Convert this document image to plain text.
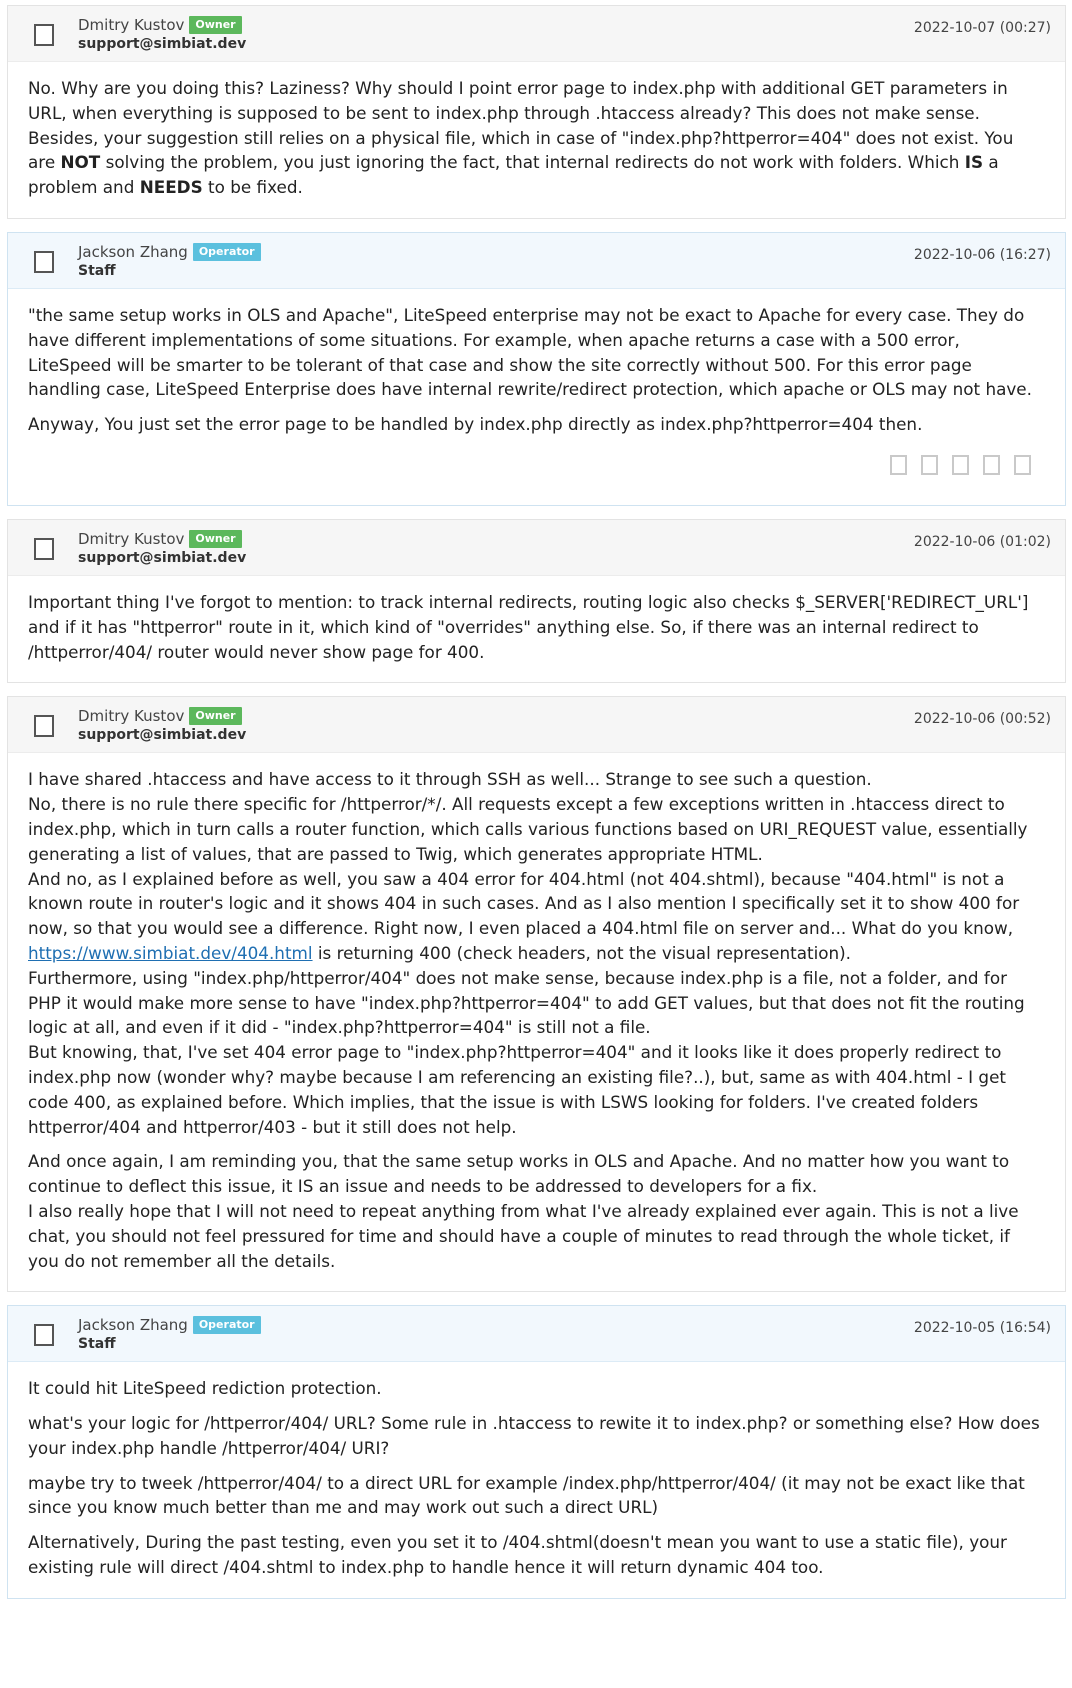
Dmitry Kustov	Owner
support@simbiat.dev
2022-10-07 (00:27)

No. Why are you doing this? Laziness? Why should I point error page to index.php with additional GET parameters in URL, when everything is supposed to be sent to index.php through .htaccess already? This does not make sense. Besides, your suggestion still relies on a physical file, which in case of "index.php?httperror=404" does not exist. You are NOT solving the problem, you just ignoring the fact, that internal redirects do not work with folders. Which IS a problem and NEEDS to be fixed.

Jackson Zhang	Operator
Staff
2022-10-06 (16:27)

"the same setup works in OLS and Apache", LiteSpeed enterprise may not be exact to Apache for every case. They do have different implementations of some situations. For example, when apache returns a case with a 500 error, LiteSpeed will be smarter to be tolerant of that case and show the site correctly without 500. For this error page handling case, LiteSpeed Enterprise does have internal rewrite/redirect protection, which apache or OLS may not have.

Anyway, You just set the error page to be handled by index.php directly as index.php?httperror=404 then.

Dmitry Kustov	Owner
support@simbiat.dev
2022-10-06 (01:02)

Important thing I've forgot to mention: to track internal redirects, routing logic also checks $_SERVER['REDIRECT_URL'] and if it has "httperror" route in it, which kind of "overrides" anything else. So, if there was an internal redirect to /httperror/404/ router would never show page for 400.

Dmitry Kustov	Owner
support@simbiat.dev
2022-10-06 (00:52)

I have shared .htaccess and have access to it through SSH as well... Strange to see such a question.
No, there is no rule there specific for /httperror/*/. All requests except a few exceptions written in .htaccess direct to index.php, which in turn calls a router function, which calls various functions based on URI_REQUEST value, essentially generating a list of values, that are passed to Twig, which generates appropriate HTML.
And no, as I explained before as well, you saw a 404 error for 404.html (not 404.shtml), because "404.html" is not a known route in router's logic and it shows 404 in such cases. And as I also mention I specifically set it to show 400 for now, so that you would see a difference. Right now, I even placed a 404.html file on server and... What do you know, https://www.simbiat.dev/404.html is returning 400 (check headers, not the visual representation).
Furthermore, using "index.php/httperror/404" does not make sense, because index.php is a file, not a folder, and for PHP it would make more sense to have "index.php?httperror=404" to add GET values, but that does not fit the routing logic at all, and even if it did - "index.php?httperror=404" is still not a file.
But knowing, that, I've set 404 error page to "index.php?httperror=404" and it looks like it does properly redirect to index.php now (wonder why? maybe because I am referencing an existing file?..), but, same as with 404.html - I get code 400, as explained before. Which implies, that the issue is with LSWS looking for folders. I've created folders httperror/404 and httperror/403 - but it still does not help.

And once again, I am reminding you, that the same setup works in OLS and Apache. And no matter how you want to continue to deflect this issue, it IS an issue and needs to be addressed to developers for a fix.
I also really hope that I will not need to repeat anything from what I've already explained ever again. This is not a live chat, you should not feel pressured for time and should have a couple of minutes to read through the whole ticket, if you do not remember all the details.

Jackson Zhang	Operator
Staff
2022-10-05 (16:54)

It could hit LiteSpeed rediction protection.

what's your logic for /httperror/404/ URL? Some rule in .htaccess to rewite it to index.php? or something else? How does your index.php handle /httperror/404/ URI?

maybe try to tweek /httperror/404/ to a direct URL for example /index.php/httperror/404/ (it may not be exact like that since you know much better than me and may work out such a direct URL)

Alternatively, During the past testing, even you set it to /404.shtml(doesn't mean you want to use a static file), your existing rule will direct /404.shtml to index.php to handle hence it will return dynamic 404 too.
